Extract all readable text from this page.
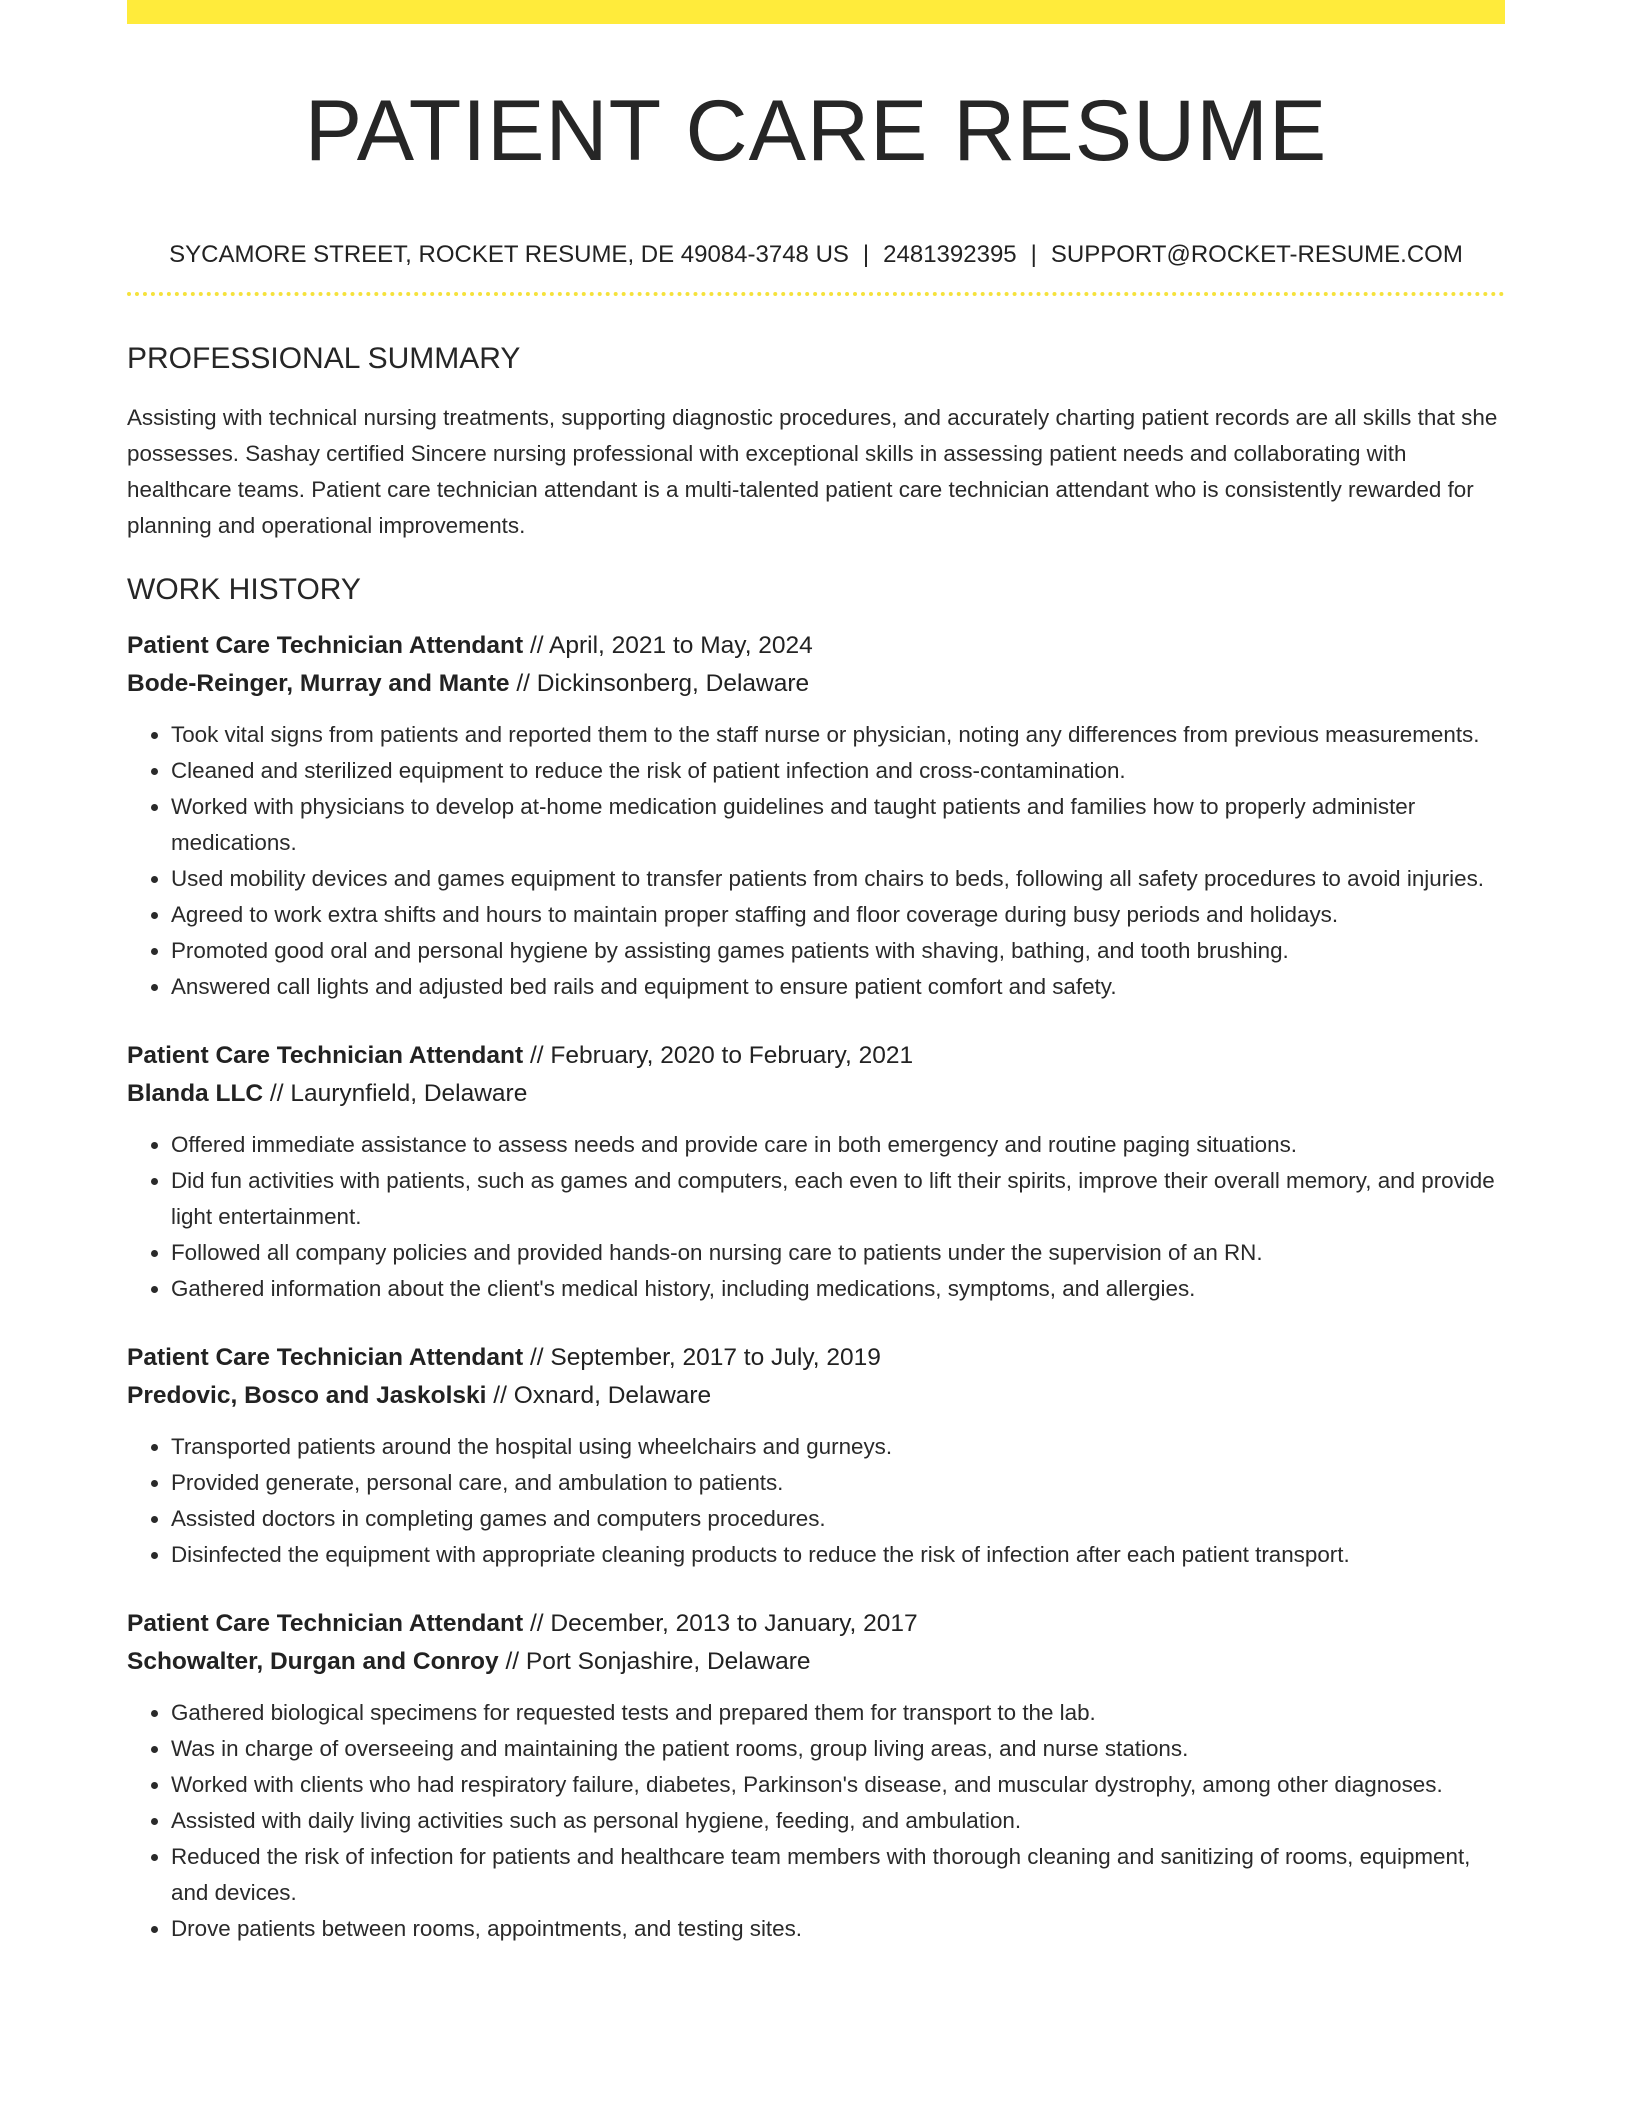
PATIENT CARE RESUME
SYCAMORE STREET, ROCKET RESUME, DE 49084-3748 US | 2481392395 | SUPPORT@ROCKET-RESUME.COM
PROFESSIONAL SUMMARY

Assisting with technical nursing treatments, supporting diagnostic procedures, and accurately charting patient records are all skills that she possesses. Sashay certified Sincere nursing professional with exceptional skills in assessing patient needs and collaborating with healthcare teams. Patient care technician attendant is a multi-talented patient care technician attendant who is consistently rewarded for planning and operational improvements.

WORK HISTORY
Patient Care Technician Attendant // April, 2021 to May, 2024
Bode-Reinger, Murray and Mante // Dickinsonberg, Delaware
• Took vital signs from patients and reported them to the staff nurse or physician, noting any differences from previous measurements.
• Cleaned and sterilized equipment to reduce the risk of patient infection and cross-contamination.
• Worked with physicians to develop at-home medication guidelines and taught patients and families how to properly administer medications.
• Used mobility devices and games equipment to transfer patients from chairs to beds, following all safety procedures to avoid injuries.
• Agreed to work extra shifts and hours to maintain proper staffing and floor coverage during busy periods and holidays.
• Promoted good oral and personal hygiene by assisting games patients with shaving, bathing, and tooth brushing.
• Answered call lights and adjusted bed rails and equipment to ensure patient comfort and safety.
Patient Care Technician Attendant // February, 2020 to February, 2021
Blanda LLC // Laurynfield, Delaware
• Offered immediate assistance to assess needs and provide care in both emergency and routine paging situations.
• Did fun activities with patients, such as games and computers, each even to lift their spirits, improve their overall memory, and provide light entertainment.
• Followed all company policies and provided hands-on nursing care to patients under the supervision of an RN.
• Gathered information about the client's medical history, including medications, symptoms, and allergies.
Patient Care Technician Attendant // September, 2017 to July, 2019
Predovic, Bosco and Jaskolski // Oxnard, Delaware
• Transported patients around the hospital using wheelchairs and gurneys.
• Provided generate, personal care, and ambulation to patients.
• Assisted doctors in completing games and computers procedures.
• Disinfected the equipment with appropriate cleaning products to reduce the risk of infection after each patient transport.
Patient Care Technician Attendant // December, 2013 to January, 2017
Schowalter, Durgan and Conroy // Port Sonjashire, Delaware
• Gathered biological specimens for requested tests and prepared them for transport to the lab.
• Was in charge of overseeing and maintaining the patient rooms, group living areas, and nurse stations.
• Worked with clients who had respiratory failure, diabetes, Parkinson's disease, and muscular dystrophy, among other diagnoses.
• Assisted with daily living activities such as personal hygiene, feeding, and ambulation.
• Reduced the risk of infection for patients and healthcare team members with thorough cleaning and sanitizing of rooms, equipment, and devices.
• Drove patients between rooms, appointments, and testing sites.
